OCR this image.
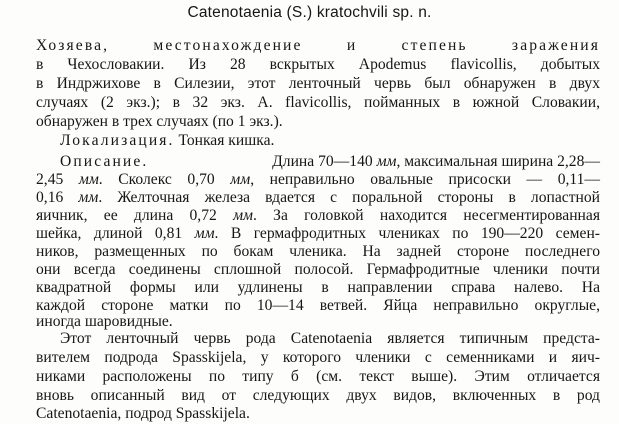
Catenotaenia (S.) kratochvili sp. n.
Хозяева, местонахождение и степень заражения
в Чехословакии. Из 28 вскрытых Apodemus flavicollis, добытых
в Индржихове в Силезии, этот ленточный червь был обнаружен в двух
случаях (2 экз.); в 32 экз. A. flavicollis, пойманных в южной Словакии,
обнаружен в трех случаях (по 1 экз.).
Локализация. Тонкая кишка.
Описание.	Длина 70—140 мм, максимальная ширина 2,28—
2,45 мм. Сколекс 0,70 мм, неправильно овальные присоски — 0,11—
0,16 мм. Желточная железа вдается с поральной стороны в лопастной
яичник, ее длина 0,72 мм. За головкой находится несегментированная
шейка, длиной 0,81 мм. В гермафродитных члениках по 190—220 семен-
ников, размещенных по бокам членика. На задней стороне последнего
они всегда соединены сплошной полосой. Гермафродитные членики почти
квадратной формы или удлинены в направлении справа налево. На
каждой стороне матки по 10—14 ветвей. Яйца неправильно округлые,
иногда шаровидные.
Этот ленточный червь рода Catenotaenia является типичным предста-
вителем подрода Spasskijela, у которого членики с семенниками и яич-
никами расположены по типу б (см. текст выше). Этим отличается
вновь описанный вид от следующих двух видов, включенных в род
Catenotaenia, подрод Spasskijela.
